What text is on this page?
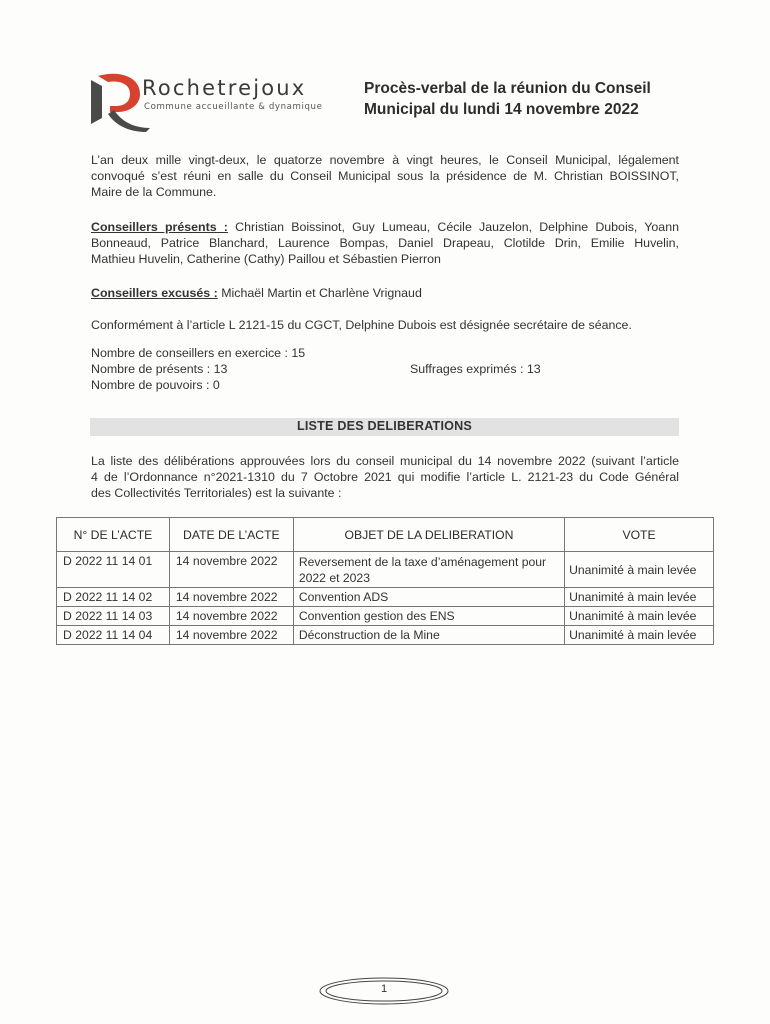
Rochetrejoux
Commune accueillante & dynamique
Procès-verbal de la réunion du Conseil
Municipal du lundi 14 novembre 2022
L’an deux mille vingt-deux, le quatorze novembre à vingt heures, le Conseil Municipal, légalement
convoqué s’est réuni en salle du Conseil Municipal sous la présidence de M. Christian BOISSINOT,
Maire de la Commune.
Conseillers présents : Christian Boissinot, Guy Lumeau, Cécile Jauzelon, Delphine Dubois, Yoann
Bonneaud, Patrice Blanchard, Laurence Bompas, Daniel Drapeau, Clotilde Drin, Emilie Huvelin,
Mathieu Huvelin, Catherine (Cathy) Paillou et Sébastien Pierron
Conseillers excusés : Michaël Martin et Charlène Vrignaud
Conformément à l’article L 2121-15 du CGCT, Delphine Dubois est désignée secrétaire de séance.
Nombre de conseillers en exercice : 15
Nombre de présents : 13
Nombre de pouvoirs : 0
Suffrages exprimés : 13
LISTE DES DELIBERATIONS
La liste des délibérations approuvées lors du conseil municipal du 14 novembre 2022 (suivant l’article
4 de l’Ordonnance n°2021-1310 du 7 Octobre 2021 qui modifie l’article L. 2121-23 du Code Général
des Collectivités Territoriales) est la suivante :
N° DE L’ACTE	DATE DE L’ACTE	OBJET DE LA DELIBERATION	VOTE
D 2022 11 14 01	14 novembre 2022	Reversement de la taxe d’aménagement pour 2022 et 2023	Unanimité à main levée
D 2022 11 14 02	14 novembre 2022	Convention ADS	Unanimité à main levée
D 2022 11 14 03	14 novembre 2022	Convention gestion des ENS	Unanimité à main levée
D 2022 11 14 04	14 novembre 2022	Déconstruction de la Mine	Unanimité à main levée
1
